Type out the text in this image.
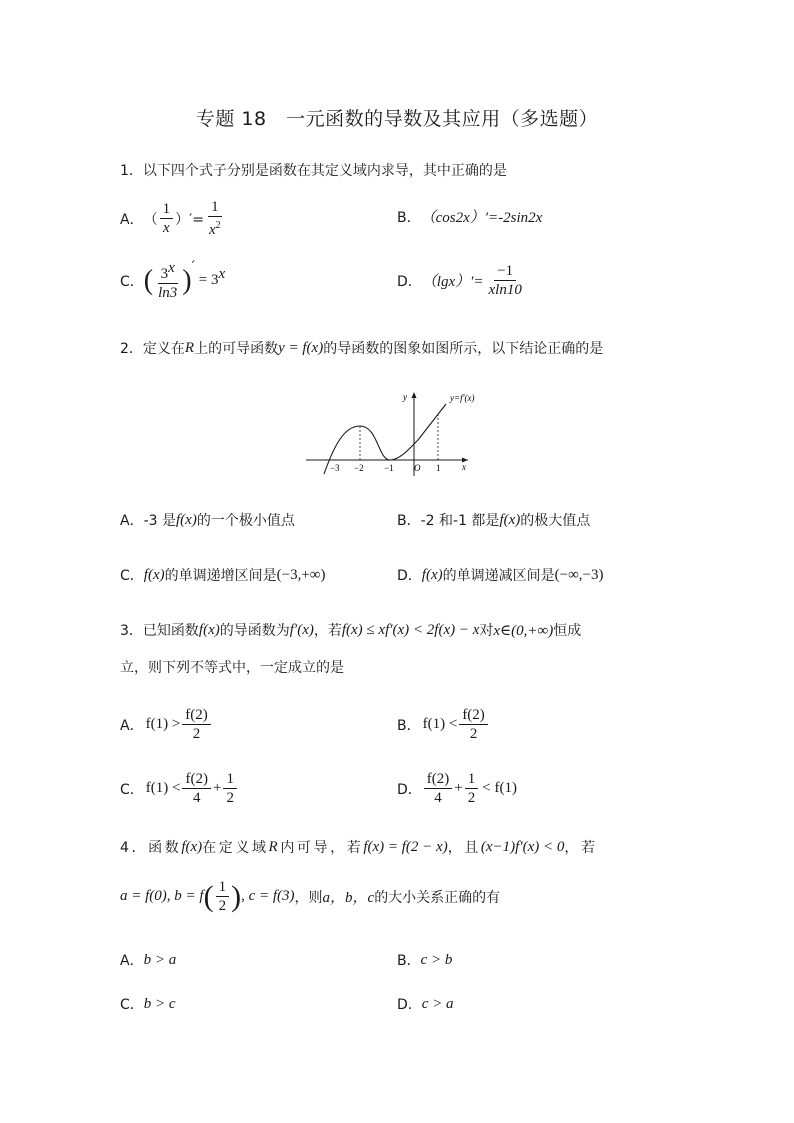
专题 18　一元函数的导数及其应用（多选题）
1．以下四个式子分别是函数在其定义域内求导，其中正确的是
A． （ $\frac{1}{x}$ ）′= $\frac{1}{x^2}$	B． （cos2x）′=-2sin2x
C． ( $\frac{3^x}{\ln 3} )'$
= $3^x$	D． $(\lg x)'= \frac{-1}{xln10}$
2．定义在 R 上的可导函数 y = f(x) 的导函数的图象如图所示，以下结论正确的是
y	y=f′(x)
x
−3 −2 −1 O 1
A． -3 是 f(x) 的一个极小值点	B． -2 和-1 都是 f(x) 的极大值点
C． f(x) 的单调递增区间是 (−3,+∞)	D． f(x) 的单调递减区间是 (−∞,−3)
3．已知函数 f(x) 的导函数为 f′(x) ，若 f(x) ≤ xf′(x) < 2f(x) − x 对 x∈(0,+∞) 恒成
立，则下列不等式中，一定成立的是
A． $f(1) > \frac{f(2)}{2}$	B． $f(1) < \frac{f(2)}{2}$
C． $f(1) < \frac{f(2)}{4} + \frac{1}{2}$	D． $\frac{f(2)}{4} + \frac{1}{2} < f(1)$
4．函数 f(x) 在定义域 R 内可导，若 f(x) = f(2 − x) ，且 (x−1)f′(x) < 0 ，若
a = f(0), b = f ( $\frac{1}{2}$ ) , c = f(3) ，则 a，b，c 的大小关系正确的有
A． b > a	B． c > b
C． b > c	D． c > a
